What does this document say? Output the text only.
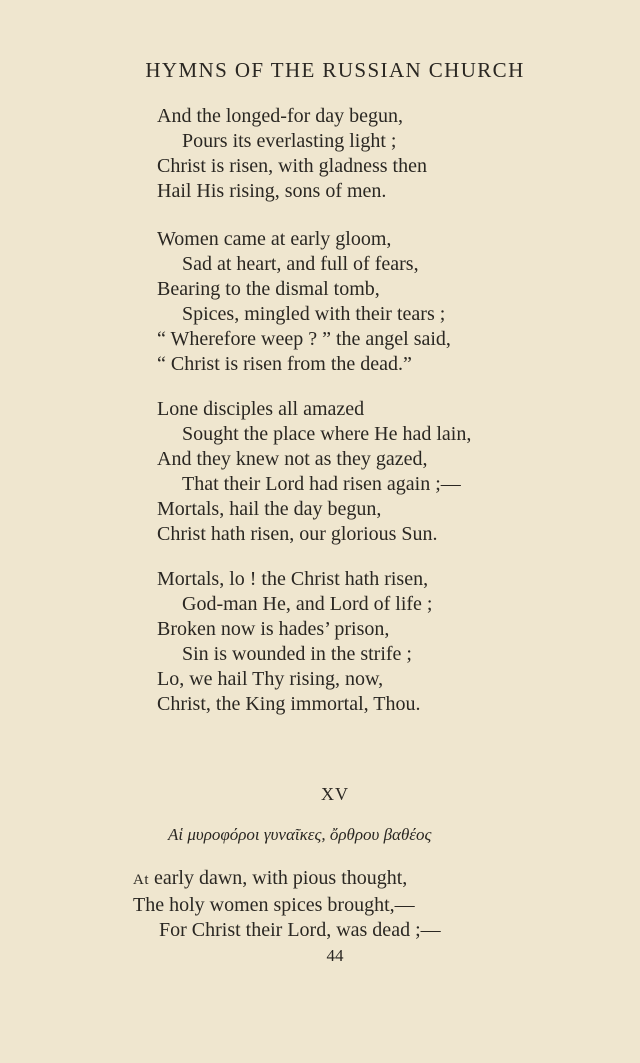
HYMNS OF THE RUSSIAN CHURCH
And the longed-for day begun,
Pours its everlasting light ;
Christ is risen, with gladness then
Hail His rising, sons of men.
Women came at early gloom,
Sad at heart, and full of fears,
Bearing to the dismal tomb,
Spices, mingled with their tears ;
“ Wherefore weep ? ” the angel said,
“ Christ is risen from the dead.”
Lone disciples all amazed
Sought the place where He had lain,
And they knew not as they gazed,
That their Lord had risen again ;—
Mortals, hail the day begun,
Christ hath risen, our glorious Sun.
Mortals, lo ! the Christ hath risen,
God-man He, and Lord of life ;
Broken now is hades’ prison,
Sin is wounded in the strife ;
Lo, we hail Thy rising, now,
Christ, the King immortal, Thou.
XV
Αἱ μυροφόροι γυναῖκες, ὄρθρου βαθέος
At early dawn, with pious thought,
The holy women spices brought,—
For Christ their Lord, was dead ;—
44
